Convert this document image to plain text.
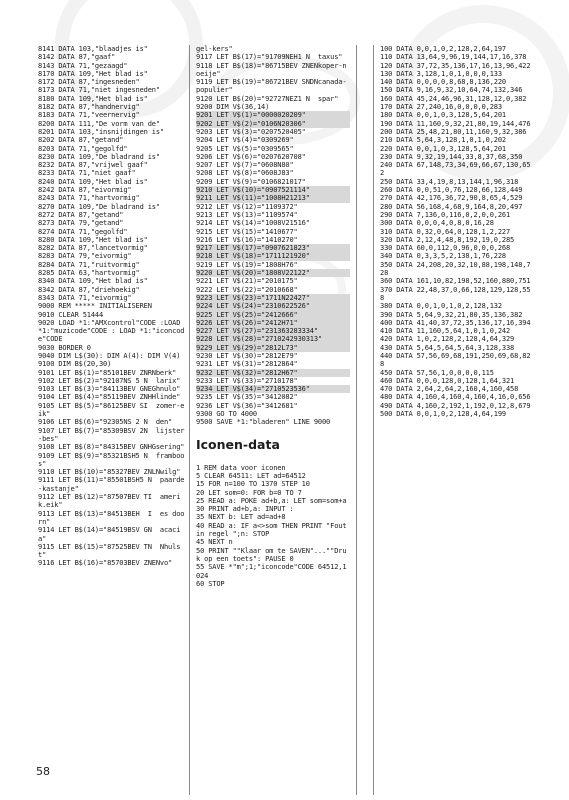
8141 DATA 103,"blaadjes is"
8142 DATA 87,"gaaf"
8143 DATA 71,"gezaagd"
8170 DATA 109,"Het blad is"
8172 DATA 87,"ingesneden"
8173 DATA 71,"niet ingesneden"
8180 DATA 109,"Het blad is"
8182 DATA 87,"handnervig"
8183 DATA 71,"veernervig"
8200 DATA 111,"De vorm van de"
8201 DATA 103,"insnijdingen is"
8202 DATA 87,"getand"
8203 DATA 71,"gegolfd"
8230 DATA 109,"De bladrand is"
8232 DATA 87,"vrijwel gaaf"
8233 DATA 71,"niet gaaf"
8240 DATA 109,"Het blad is"
8242 DATA 87,"eivormig"
8243 DATA 71,"hartvormig"
8270 DATA 109,"De bladrand is"
8272 DATA 87,"getand"
8273 DATA 79,"getand"
8274 DATA 71,"gegolfd"
8280 DATA 109,"Het blad is"
8282 DATA 87,"lancetvormig"
8283 DATA 79,"eivormig"
8284 DATA 71,"ruitvormig"
8285 DATA 63,"hartvormig"
8340 DATA 109,"Het blad is"
8342 DATA 87,"driehoekig"
8343 DATA 71,"eivormig"
9000 REM ***** INITIALISEREN
9010 CLEAR 51444
9020 LOAD *1:"AMXcontrol"CODE :LOAD *1:"muzicode"CODE : LOAD *1:"iconcode"CODE
9030 BORDER 0
9040 DIM L$(30): DIM A(4): DIM V(4)
9100 DIM B$(20,30)
9101 LET B$(1)="85101BEV ZNRNberk"
9102 LET B$(2)="92107NS 5 N  larix"
9103 LET B$(3)="84113BEV GNEGhnulo"
9104 LET B$(4)="85119BEV ZNHHlinde"
9105 LET B$(5)="86125BEV SI  zomer-eik"
9106 LET B$(6)="92305NS 2 N  den"
9107 LET B$(7)="85309BSV 2N  lijster-bes"
9108 LET B$(8)="84315BEV GNHGsering"
9109 LET B$(9)="85321BSH5 N  framboos"
9110 LET B$(10)="85327BEV ZNLNwilg"
9111 LET B$(11)="85501BSH5 N  paarde-kastanje"
9112 LET B$(12)="87507BEV TI  amerik.eik"
9113 LET B$(13)="84513BEH  I  es doorn"
9114 LET B$(14)="84519BSV GN  acacia"
9115 LET B$(15)="87525BEV TN  Nhulst"
9116 LET B$(16)="85703BEV ZNENvo"
gel-kers"
9117 LET B$(17)="91709NEH1 N  taxus"
9118 LET B$(18)="86715BEV ZNENkoper-noeije"
9119 LET B$(19)="86721BEV SNDNcanada-populier"
9120 LET B$(20)="92727NEZ1 N  spar"
9200 DIM V$(36,14)
9201 LET V$(1)="0000020209"
9202 LET V$(2)="0106N20306"
9203 LET V$(3)="0207520405"
9204 LET V$(4)="0309269"
9205 LET V$(5)="0309565"
9206 LET V$(6)="0207620708"
9207 LET V$(7)="0608N80"
9208 LET V$(8)="0608J83"
9209 LET V$(9)="0106821017"
9210 LET V$(10)="0907521114"
9211 LET V$(11)="1008H21213"
9212 LET V$(12)="1109372"
9213 LET V$(13)="1109574"
9214 LET V$(14)="1008V21516"
9215 LET V$(15)="1410677"
9216 LET V$(16)="1410270"
9217 LET V$(17)="0907621823"
9218 LET V$(18)="1711121920"
9219 LET V$(19)="1808H76"
9220 LET V$(20)="1808V22122"
9221 LET V$(21)="2010175"
9222 LET V$(22)="2010668"
9223 LET V$(23)="1711N22427"
9224 LET V$(24)="2310622526"
9225 LET V$(25)="2412666"
9226 LET V$(26)="2412H71"
9227 LET V$(27)="231363283334"
9228 LET V$(28)="2710242930313"
9229 LET V$(29)="2812L73"
9230 LET V$(30)="2812E79"
9231 LET V$(31)="2812864"
9232 LET V$(32)="2812H67"
9233 LET V$(33)="2710178"
9234 LET V$(34)="2710523536"
9235 LET V$(35)="3412082"
9236 LET V$(36)="3412681"
9300 GO TO 4000
9500 SAVE *1:"bladeren" LINE 9000
Iconen-data
1 REM data voor iconen
5 CLEAR 64511: LET ad=64512
15 FOR n=100 TO 1370 STEP 10
20 LET som=0: FOR b=0 TO 7
25 READ a: POKE ad+b,a: LET som=som+a
30 PRINT ad+b,a: INPUT :
35 NEXT b: LET ad=ad+8
40 READ a: IF a<>som THEN PRINT "Fout in regel ";n: STOP
45 NEXT n
50 PRINT ""Klaar om te SAVEN"...""Druk op een toets": PAUSE 0
55 SAVE *"m";1;"iconcode"CODE 64512,1024
60 STOP
100 DATA 0,0,1,0,2,128,2,64,197
110 DATA 13,64,9,96,19,144,17,16,378
120 DATA 37,72,35,136,17,16,13,96,422
130 DATA 3,128,1,0,1,0,0,0,133
140 DATA 0,0,0,0,8,68,8,136,220
150 DATA 9,16,9,32,10,64,74,132,346
160 DATA 45,24,46,96,31,128,12,0,382
170 DATA 27,240,16,0,0,0,0,283
180 DATA 0,0,1,0,3,128,5,64,201
190 DATA 11,160,9,32,21,80,19,144,476
200 DATA 25,48,21,80,11,160,9,32,386
210 DATA 5,64,3,128,1,0,1,0,202
220 DATA 0,0,1,0,3,128,5,64,201
230 DATA 9,32,19,144,33,8,37,68,350
240 DATA 67,148,73,34,69,66,67,130,652
250 DATA 33,4,19,8,13,144,1,96,318
260 DATA 0,0,51,0,76,128,66,128,449
270 DATA 42,176,36,72,90,8,65,4,529
280 DATA 56,168,4,68,9,164,8,20,497
290 DATA 7,136,0,116,0,2,0,0,261
300 DATA 0,0,0,4,0,8,0,16,28
310 DATA 0,32,0,64,0,128,1,2,227
320 DATA 2,12,4,48,8,192,19,0,285
330 DATA 60,0,112,0,96,0,0,0,268
340 DATA 0,3,3,5,2,138,1,76,228
350 DATA 24,208,20,32,10,88,198,148,728
360 DATA 161,10,82,198,52,160,880,751
370 DATA 22,48,37,0,66,128,129,128,558
380 DATA 0,0,1,0,1,0,2,128,132
390 DATA 5,64,9,32,21,80,35,136,382
400 DATA 41,40,37,72,35,136,17,16,394
410 DATA 11,160,5,64,1,0,1,0,242
420 DATA 1,0,2,128,2,128,4,64,329
430 DATA 5,64,5,64,5,64,3,128,338
440 DATA 57,56,69,68,191,250,69,68,828
450 DATA 57,56,1,0,0,0,0,115
460 DATA 0,0,0,128,0,128,1,64,321
470 DATA 2,64,2,64,2,160,4,160,458
480 DATA 4,160,4,160,4,160,4,16,0,656
490 DATA 4,160,2,192,1,192,0,12,8,679
500 DATA 0,0,1,0,2,128,4,64,199
58
